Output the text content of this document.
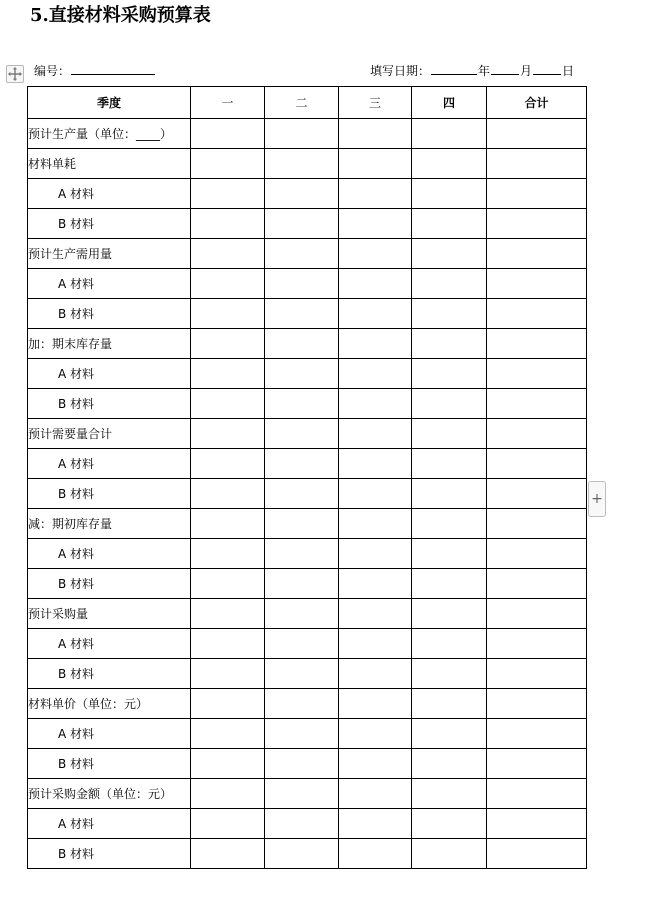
5.直接材料采购预算表
编号：	填写日期：	年	月	日
季度	一	二	三	四	合计
预计生产量（单位：____）					
材料单耗					
A 材料					
B 材料					
预计生产需用量					
A 材料					
B 材料					
加：期末库存量					
A 材料					
B 材料					
预计需要量合计					
A 材料					
B 材料					
减：期初库存量					
A 材料					
B 材料					
预计采购量					
A 材料					
B 材料					
材料单价（单位：元）					
A 材料					
B 材料					
预计采购金额（单位：元）					
A 材料					
B 材料					
+
